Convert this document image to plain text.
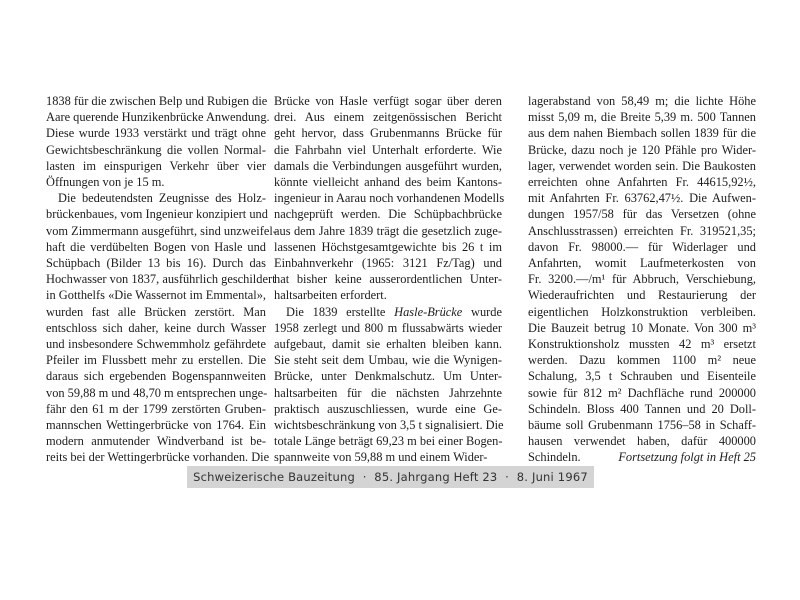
1838 für die zwischen Belp und Rubigen die
Aare querende Hunzikenbrücke Anwendung.
Diese wurde 1933 verstärkt und trägt ohne
Gewichtsbeschränkung die vollen Normal-
lasten im einspurigen Verkehr über vier
Öffnungen von je 15 m.

Die bedeutendsten Zeugnisse des Holz-
brückenbaues, vom Ingenieur konzipiert und
vom Zimmermann ausgeführt, sind unzweifel-
haft die verdübelten Bogen von Hasle und
Schüpbach (Bilder 13 bis 16). Durch das
Hochwasser von 1837, ausführlich geschildert
in Gotthelfs «Die Wassernot im Emmental»,
wurden fast alle Brücken zerstört. Man
entschloss sich daher, keine durch Wasser
und insbesondere Schwemmholz gefährdete
Pfeiler im Flussbett mehr zu erstellen. Die
daraus sich ergebenden Bogenspannweiten
von 59,88 m und 48,70 m entsprechen unge-
fähr den 61 m der 1799 zerstörten Gruben-
mannschen Wettingerbrücke von 1764. Ein
modern anmutender Windverband ist be-
reits bei der Wettingerbrücke vorhanden. Die

Brücke von Hasle verfügt sogar über deren
drei. Aus einem zeitgenössischen Bericht
geht hervor, dass Grubenmanns Brücke für
die Fahrbahn viel Unterhalt erforderte. Wie
damals die Verbindungen ausgeführt wurden,
könnte vielleicht anhand des beim Kantons-
ingenieur in Aarau noch vorhandenen Modells
nachgeprüft werden. Die Schüpbachbrücke
aus dem Jahre 1839 trägt die gesetzlich zuge-
lassenen Höchstgesamtgewichte bis 26 t im
Einbahnverkehr (1965: 3121 Fz/Tag) und
hat bisher keine ausserordentlichen Unter-
haltsarbeiten erfordert.

Die 1839 erstellte Hasle-Brücke wurde
1958 zerlegt und 800 m flussabwärts wieder
aufgebaut, damit sie erhalten bleiben kann.
Sie steht seit dem Umbau, wie die Wynigen-
Brücke, unter Denkmalschutz. Um Unter-
haltsarbeiten für die nächsten Jahrzehnte
praktisch auszuschliessen, wurde eine Ge-
wichtsbeschränkung von 3,5 t signalisiert. Die
totale Länge beträgt 69,23 m bei einer Bogen-
spannweite von 59,88 m und einem Wider-

lagerabstand von 58,49 m; die lichte Höhe
misst 5,09 m, die Breite 5,39 m. 500 Tannen
aus dem nahen Biembach sollen 1839 für die
Brücke, dazu noch je 120 Pfähle pro Wider-
lager, verwendet worden sein. Die Baukosten
erreichten ohne Anfahrten Fr. 44615,92½,
mit Anfahrten Fr. 63762,47½. Die Aufwen-
dungen 1957/58 für das Versetzen (ohne
Anschlusstrassen) erreichten Fr. 319521,35;
davon Fr. 98000.— für Widerlager und
Anfahrten, womit Laufmeterkosten von
Fr. 3200.—/m¹ für Abbruch, Verschiebung,
Wiederaufrichten und Restaurierung der
eigentlichen Holzkonstruktion verbleiben.
Die Bauzeit betrug 10 Monate. Von 300 m³
Konstruktionsholz mussten 42 m³ ersetzt
werden. Dazu kommen 1100 m² neue
Schalung, 3,5 t Schrauben und Eisenteile
sowie für 812 m² Dachfläche rund 200000
Schindeln. Bloss 400 Tannen und 20 Doll-
bäume soll Grubenmann 1756–58 in Schaff-
hausen verwendet haben, dafür 400000
Schindeln.	Fortsetzung folgt in Heft 25

Schweizerische Bauzeitung
·
85. Jahrgang Heft 23
·
8. Juni 1967
